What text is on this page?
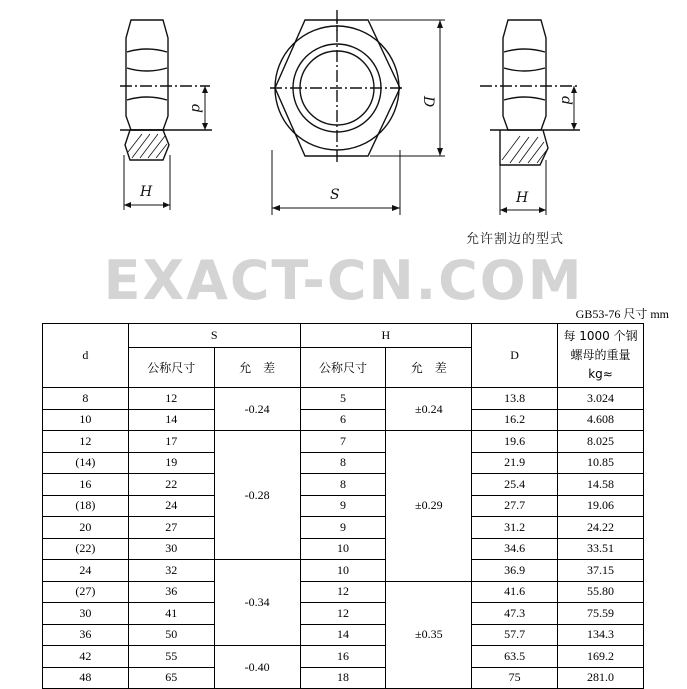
H
d
S
D
H
d
允许割边的型式
EXACT-CN.COM
GB53-76 尺寸 mm
d	S		H		D	每 1000 个钢螺母的重量 kg≈
	公称尺寸	允　差	公称尺寸	允　差		
8	12	-0.24	5	±0.24	13.8	3.024
10	14		6		16.2	4.608
12	17	-0.28	7	±0.29	19.6	8.025
(14)	19		8		21.9	10.85
16	22		8		25.4	14.58
(18)	24		9		27.7	19.06
20	27		9		31.2	24.22
(22)	30		10		34.6	33.51
24	32	-0.34	10		36.9	37.15
(27)	36		12	±0.35	41.6	55.80
30	41		12		47.3	75.59
36	50		14		57.7	134.3
42	55	-0.40	16		63.5	169.2
48	65		18		75	281.0
